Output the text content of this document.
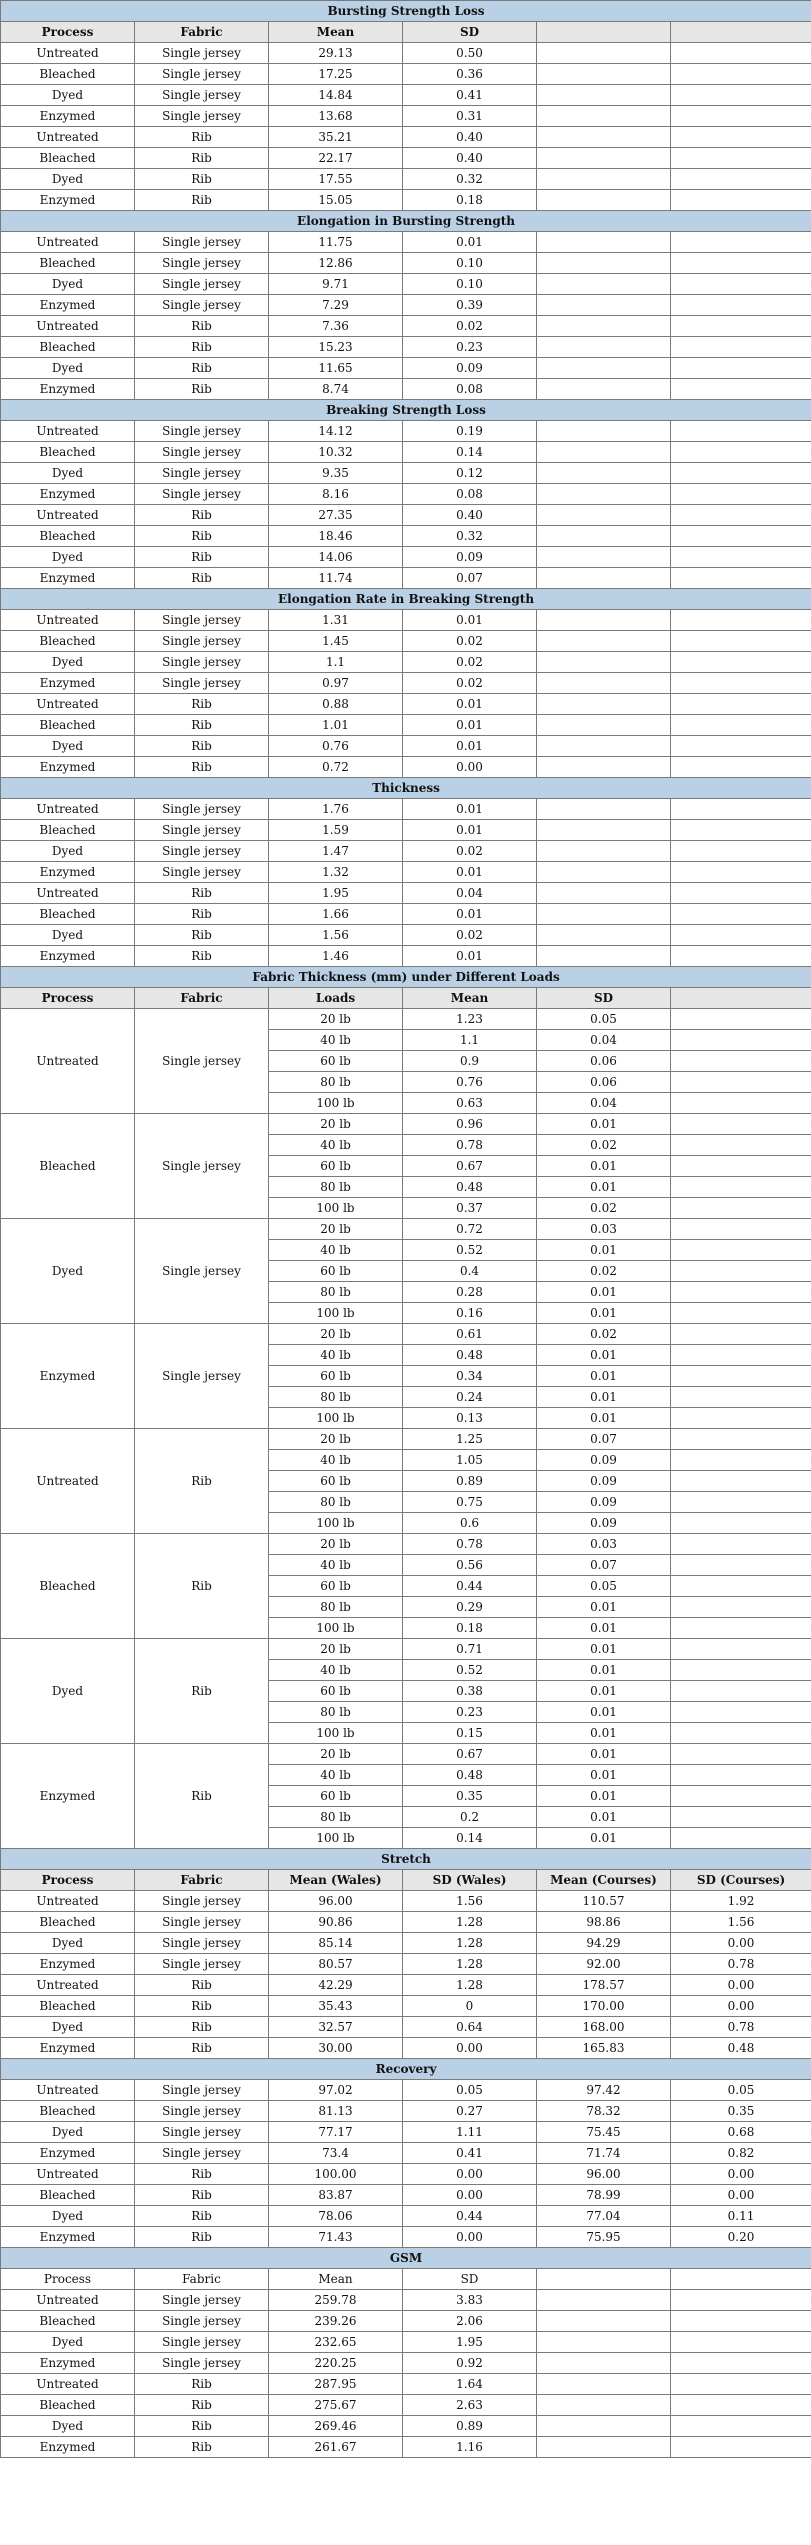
Bursting Strength Loss					
Process	Fabric	Mean	SD		
Untreated	Single jersey	29.13	0.50		
Bleached	Single jersey	17.25	0.36		
Dyed	Single jersey	14.84	0.41		
Enzymed	Single jersey	13.68	0.31		
Untreated	Rib	35.21	0.40		
Bleached	Rib	22.17	0.40		
Dyed	Rib	17.55	0.32		
Enzymed	Rib	15.05	0.18		
Elongation in Bursting Strength					
Untreated	Single jersey	11.75	0.01		
Bleached	Single jersey	12.86	0.10		
Dyed	Single jersey	9.71	0.10		
Enzymed	Single jersey	7.29	0.39		
Untreated	Rib	7.36	0.02		
Bleached	Rib	15.23	0.23		
Dyed	Rib	11.65	0.09		
Enzymed	Rib	8.74	0.08		
Breaking Strength Loss					
Untreated	Single jersey	14.12	0.19		
Bleached	Single jersey	10.32	0.14		
Dyed	Single jersey	9.35	0.12		
Enzymed	Single jersey	8.16	0.08		
Untreated	Rib	27.35	0.40		
Bleached	Rib	18.46	0.32		
Dyed	Rib	14.06	0.09		
Enzymed	Rib	11.74	0.07		
Elongation Rate in Breaking Strength					
Untreated	Single jersey	1.31	0.01		
Bleached	Single jersey	1.45	0.02		
Dyed	Single jersey	1.1	0.02		
Enzymed	Single jersey	0.97	0.02		
Untreated	Rib	0.88	0.01		
Bleached	Rib	1.01	0.01		
Dyed	Rib	0.76	0.01		
Enzymed	Rib	0.72	0.00		
Thickness					
Untreated	Single jersey	1.76	0.01		
Bleached	Single jersey	1.59	0.01		
Dyed	Single jersey	1.47	0.02		
Enzymed	Single jersey	1.32	0.01		
Untreated	Rib	1.95	0.04		
Bleached	Rib	1.66	0.01		
Dyed	Rib	1.56	0.02		
Enzymed	Rib	1.46	0.01		
Fabric Thickness (mm) under Different Loads					
Process	Fabric	Loads	Mean	SD	
Untreated	Single jersey	20 lb	1.23	0.05	
		40 lb	1.1	0.04	
		60 lb	0.9	0.06	
		80 lb	0.76	0.06	
		100 lb	0.63	0.04	
Bleached	Single jersey	20 lb	0.96	0.01	
		40 lb	0.78	0.02	
		60 lb	0.67	0.01	
		80 lb	0.48	0.01	
		100 lb	0.37	0.02	
Dyed	Single jersey	20 lb	0.72	0.03	
		40 lb	0.52	0.01	
		60 lb	0.4	0.02	
		80 lb	0.28	0.01	
		100 lb	0.16	0.01	
Enzymed	Single jersey	20 lb	0.61	0.02	
		40 lb	0.48	0.01	
		60 lb	0.34	0.01	
		80 lb	0.24	0.01	
		100 lb	0.13	0.01	
Untreated	Rib	20 lb	1.25	0.07	
		40 lb	1.05	0.09	
		60 lb	0.89	0.09	
		80 lb	0.75	0.09	
		100 lb	0.6	0.09	
Bleached	Rib	20 lb	0.78	0.03	
		40 lb	0.56	0.07	
		60 lb	0.44	0.05	
		80 lb	0.29	0.01	
		100 lb	0.18	0.01	
Dyed	Rib	20 lb	0.71	0.01	
		40 lb	0.52	0.01	
		60 lb	0.38	0.01	
		80 lb	0.23	0.01	
		100 lb	0.15	0.01	
Enzymed	Rib	20 lb	0.67	0.01	
		40 lb	0.48	0.01	
		60 lb	0.35	0.01	
		80 lb	0.2	0.01	
		100 lb	0.14	0.01	
Stretch					
Process	Fabric	Mean (Wales)	SD (Wales)	Mean (Courses)	SD (Courses)
Untreated	Single jersey	96.00	1.56	110.57	1.92
Bleached	Single jersey	90.86	1.28	98.86	1.56
Dyed	Single jersey	85.14	1.28	94.29	0.00
Enzymed	Single jersey	80.57	1.28	92.00	0.78
Untreated	Rib	42.29	1.28	178.57	0.00
Bleached	Rib	35.43	0	170.00	0.00
Dyed	Rib	32.57	0.64	168.00	0.78
Enzymed	Rib	30.00	0.00	165.83	0.48
Recovery					
Untreated	Single jersey	97.02	0.05	97.42	0.05
Bleached	Single jersey	81.13	0.27	78.32	0.35
Dyed	Single jersey	77.17	1.11	75.45	0.68
Enzymed	Single jersey	73.4	0.41	71.74	0.82
Untreated	Rib	100.00	0.00	96.00	0.00
Bleached	Rib	83.87	0.00	78.99	0.00
Dyed	Rib	78.06	0.44	77.04	0.11
Enzymed	Rib	71.43	0.00	75.95	0.20
GSM					
Process	Fabric	Mean	SD		
Untreated	Single jersey	259.78	3.83		
Bleached	Single jersey	239.26	2.06		
Dyed	Single jersey	232.65	1.95		
Enzymed	Single jersey	220.25	0.92		
Untreated	Rib	287.95	1.64		
Bleached	Rib	275.67	2.63		
Dyed	Rib	269.46	0.89		
Enzymed	Rib	261.67	1.16		
